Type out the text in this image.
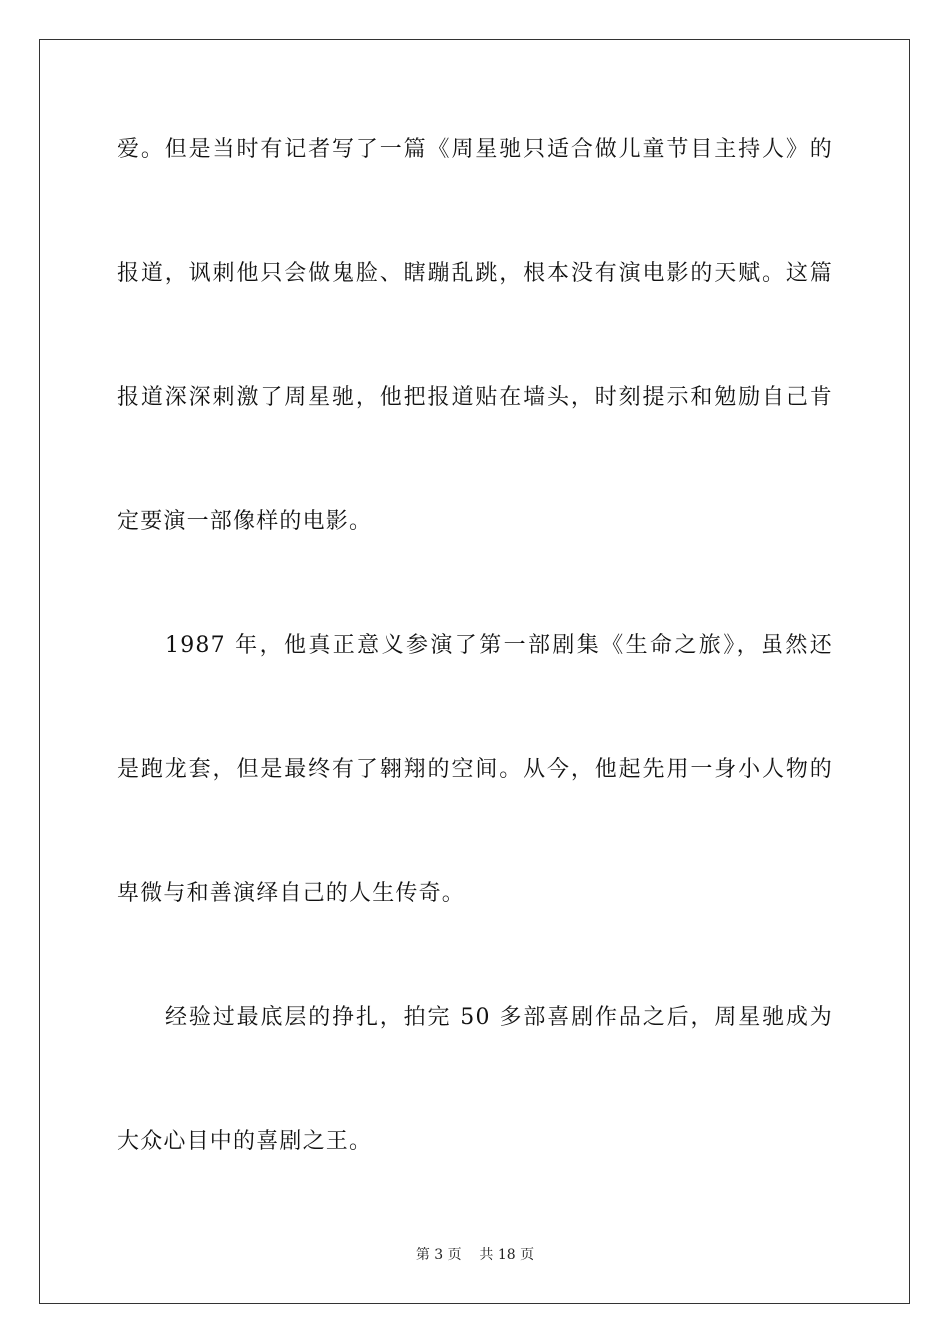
爱。但是当时有记者写了一篇《周星驰只适合做儿童节目主持人》的
报道，讽刺他只会做鬼脸、瞎蹦乱跳，根本没有演电影的天赋。这篇
报道深深刺激了周星驰，他把报道贴在墙头，时刻提示和勉励自己肯
定要演一部像样的电影。
1987 年，他真正意义参演了第一部剧集《生命之旅》，虽然还
是跑龙套，但是最终有了翱翔的空间。从今，他起先用一身小人物的
卑微与和善演绎自己的人生传奇。
经验过最底层的挣扎，拍完 50 多部喜剧作品之后，周星驰成为
大众心目中的喜剧之王。
第 3 页    共 18 页
